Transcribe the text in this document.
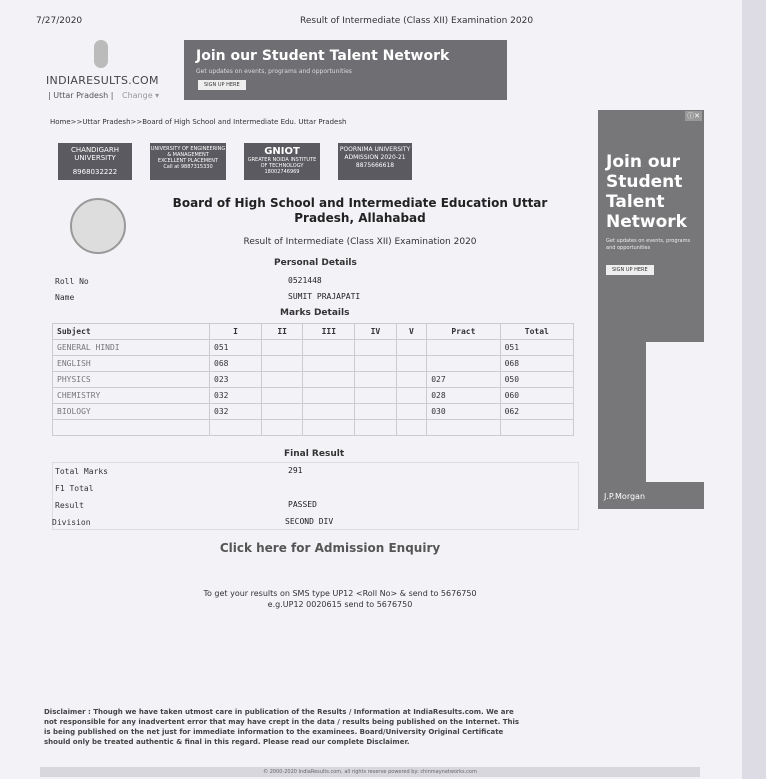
7/27/2020	Result of Intermediate (Class XII) Examination 2020
INDIARESULTS.COM
| Uttar Pradesh | Change ▾
Join our Student Talent Network
Get updates on events, programs and opportunities
SIGN UP HERE
Home>>Uttar Pradesh>>Board of High School and Intermediate Edu. Uttar Pradesh
CHANDIGARH UNIVERSITY
8968032222
UNIVERSITY OF ENGINEERING & MANAGEMENT
EXCELLENT PLACEMENT
Call at 9887315330
GNIOT
GREATER NOIDA INSTITUTE OF TECHNOLOGY
18002746969
POORNIMA UNIVERSITY
ADMISSION 2020-21
8875666618
Board of High School and Intermediate Education Uttar Pradesh, Allahabad
Result of Intermediate (Class XII) Examination 2020
Personal Details
Roll No	0521448
Name	SUMIT PRAJAPATI
Marks Details
Subject	I	II	III	IV	V	Pract	Total
GENERAL HINDI	051						051
ENGLISH	068						068
PHYSICS	023					027	050
CHEMISTRY	032					028	060
BIOLOGY	032					030	062

Final Result
Total Marks	291
F1 Total
Result	PASSED
Division	SECOND DIV
Click here for Admission Enquiry
To get your results on SMS type UP12 <Roll No> & send to 5676750
e.g.UP12 0020615 send to 5676750
Disclaimer : Though we have taken utmost care in publication of the Results / Information at IndiaResults.com. We are not responsible for any inadvertent error that may have crept in the data / results being published on the Internet. This is being published on the net just for immediate information to the examinees. Board/University Original Certificate should only be treated authentic & final in this regard. Please read our complete Disclaimer.
© 2000-2020 IndiaResults.com, all rights reserve powered by: chinmaynetworks.com
ⓘ✕
Join our Student Talent Network
Get updates on events, programs and opportunities
SIGN UP HERE
J.P.Morgan
